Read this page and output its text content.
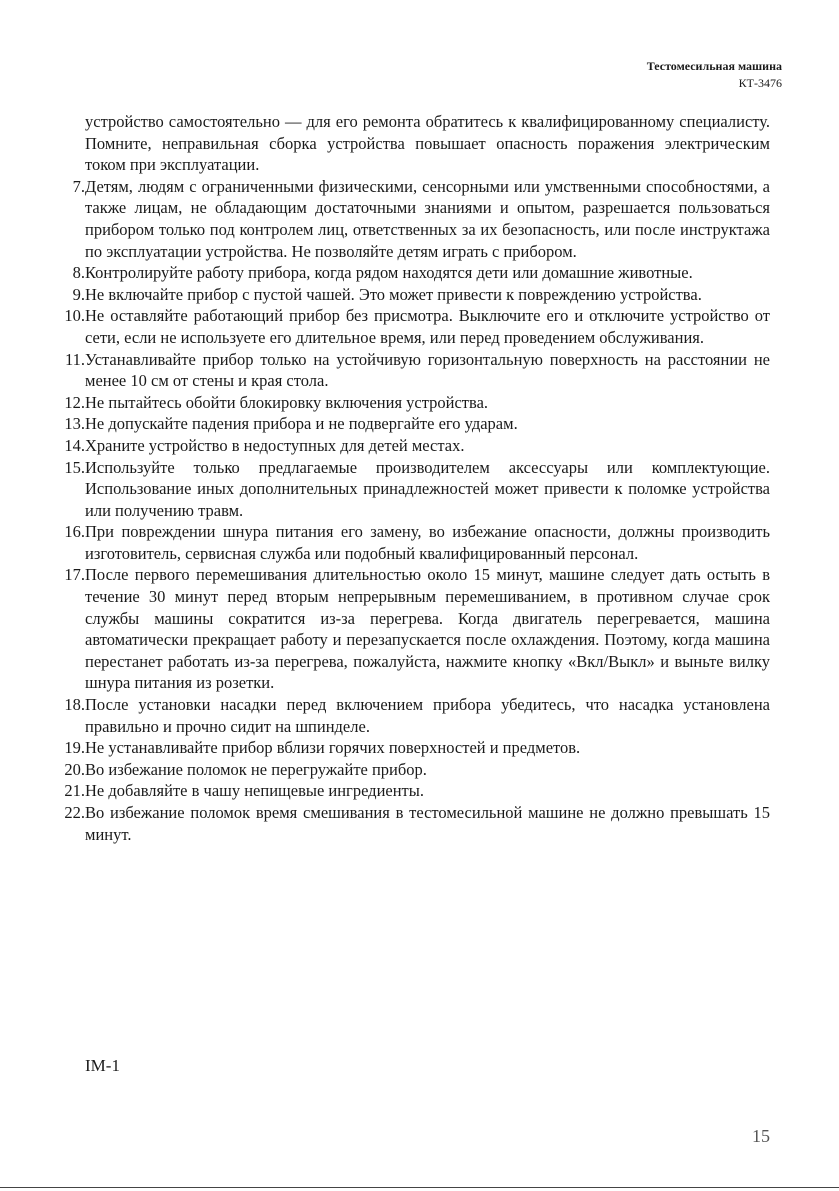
Тестомесильная машина
КТ-3476
устройство самостоятельно — для его ремонта обратитесь к квалифицированному специалисту. Помните, неправильная сборка устройства повышает опасность поражения электрическим током при эксплуатации.
7. Детям, людям с ограниченными физическими, сенсорными или умственными способностями, а также лицам, не обладающим достаточными знаниями и опытом, разрешается пользоваться прибором только под контролем лиц, ответственных за их безопасность, или после инструктажа по эксплуатации устройства. Не позволяйте детям играть с прибором.
8. Контролируйте работу прибора, когда рядом находятся дети или домашние животные.
9. Не включайте прибор с пустой чашей. Это может привести к повреждению устройства.
10. Не оставляйте работающий прибор без присмотра. Выключите его и отключите устройство от сети, если не используете его длительное время, или перед проведением обслуживания.
11. Устанавливайте прибор только на устойчивую горизонтальную поверхность на расстоянии не менее 10 см от стены и края стола.
12. Не пытайтесь обойти блокировку включения устройства.
13. Не допускайте падения прибора и не подвергайте его ударам.
14. Храните устройство в недоступных для детей местах.
15. Используйте только предлагаемые производителем аксессуары или комплектующие. Использование иных дополнительных принадлежностей может привести к поломке устройства или получению травм.
16. При повреждении шнура питания его замену, во избежание опасности, должны производить изготовитель, сервисная служба или подобный квалифицированный персонал.
17. После первого перемешивания длительностью около 15 минут, машине следует дать остыть в течение 30 минут перед вторым непрерывным перемешиванием, в противном случае срок службы машины сократится из-за перегрева. Когда двигатель перегревается, машина автоматически прекращает работу и перезапускается после охлаждения. Поэтому, когда машина перестанет работать из-за перегрева, пожалуйста, нажмите кнопку «Вкл/Выкл» и выньте вилку шнура питания из розетки.
18. После установки насадки перед включением прибора убедитесь, что насадка установлена правильно и прочно сидит на шпинделе.
19. Не устанавливайте прибор вблизи горячих поверхностей и предметов.
20. Во избежание поломок не перегружайте прибор.
21. Не добавляйте в чашу непищевые ингредиенты.
22. Во избежание поломок время смешивания в тестомесильной машине не должно превышать 15 минут.
IM-1
15
